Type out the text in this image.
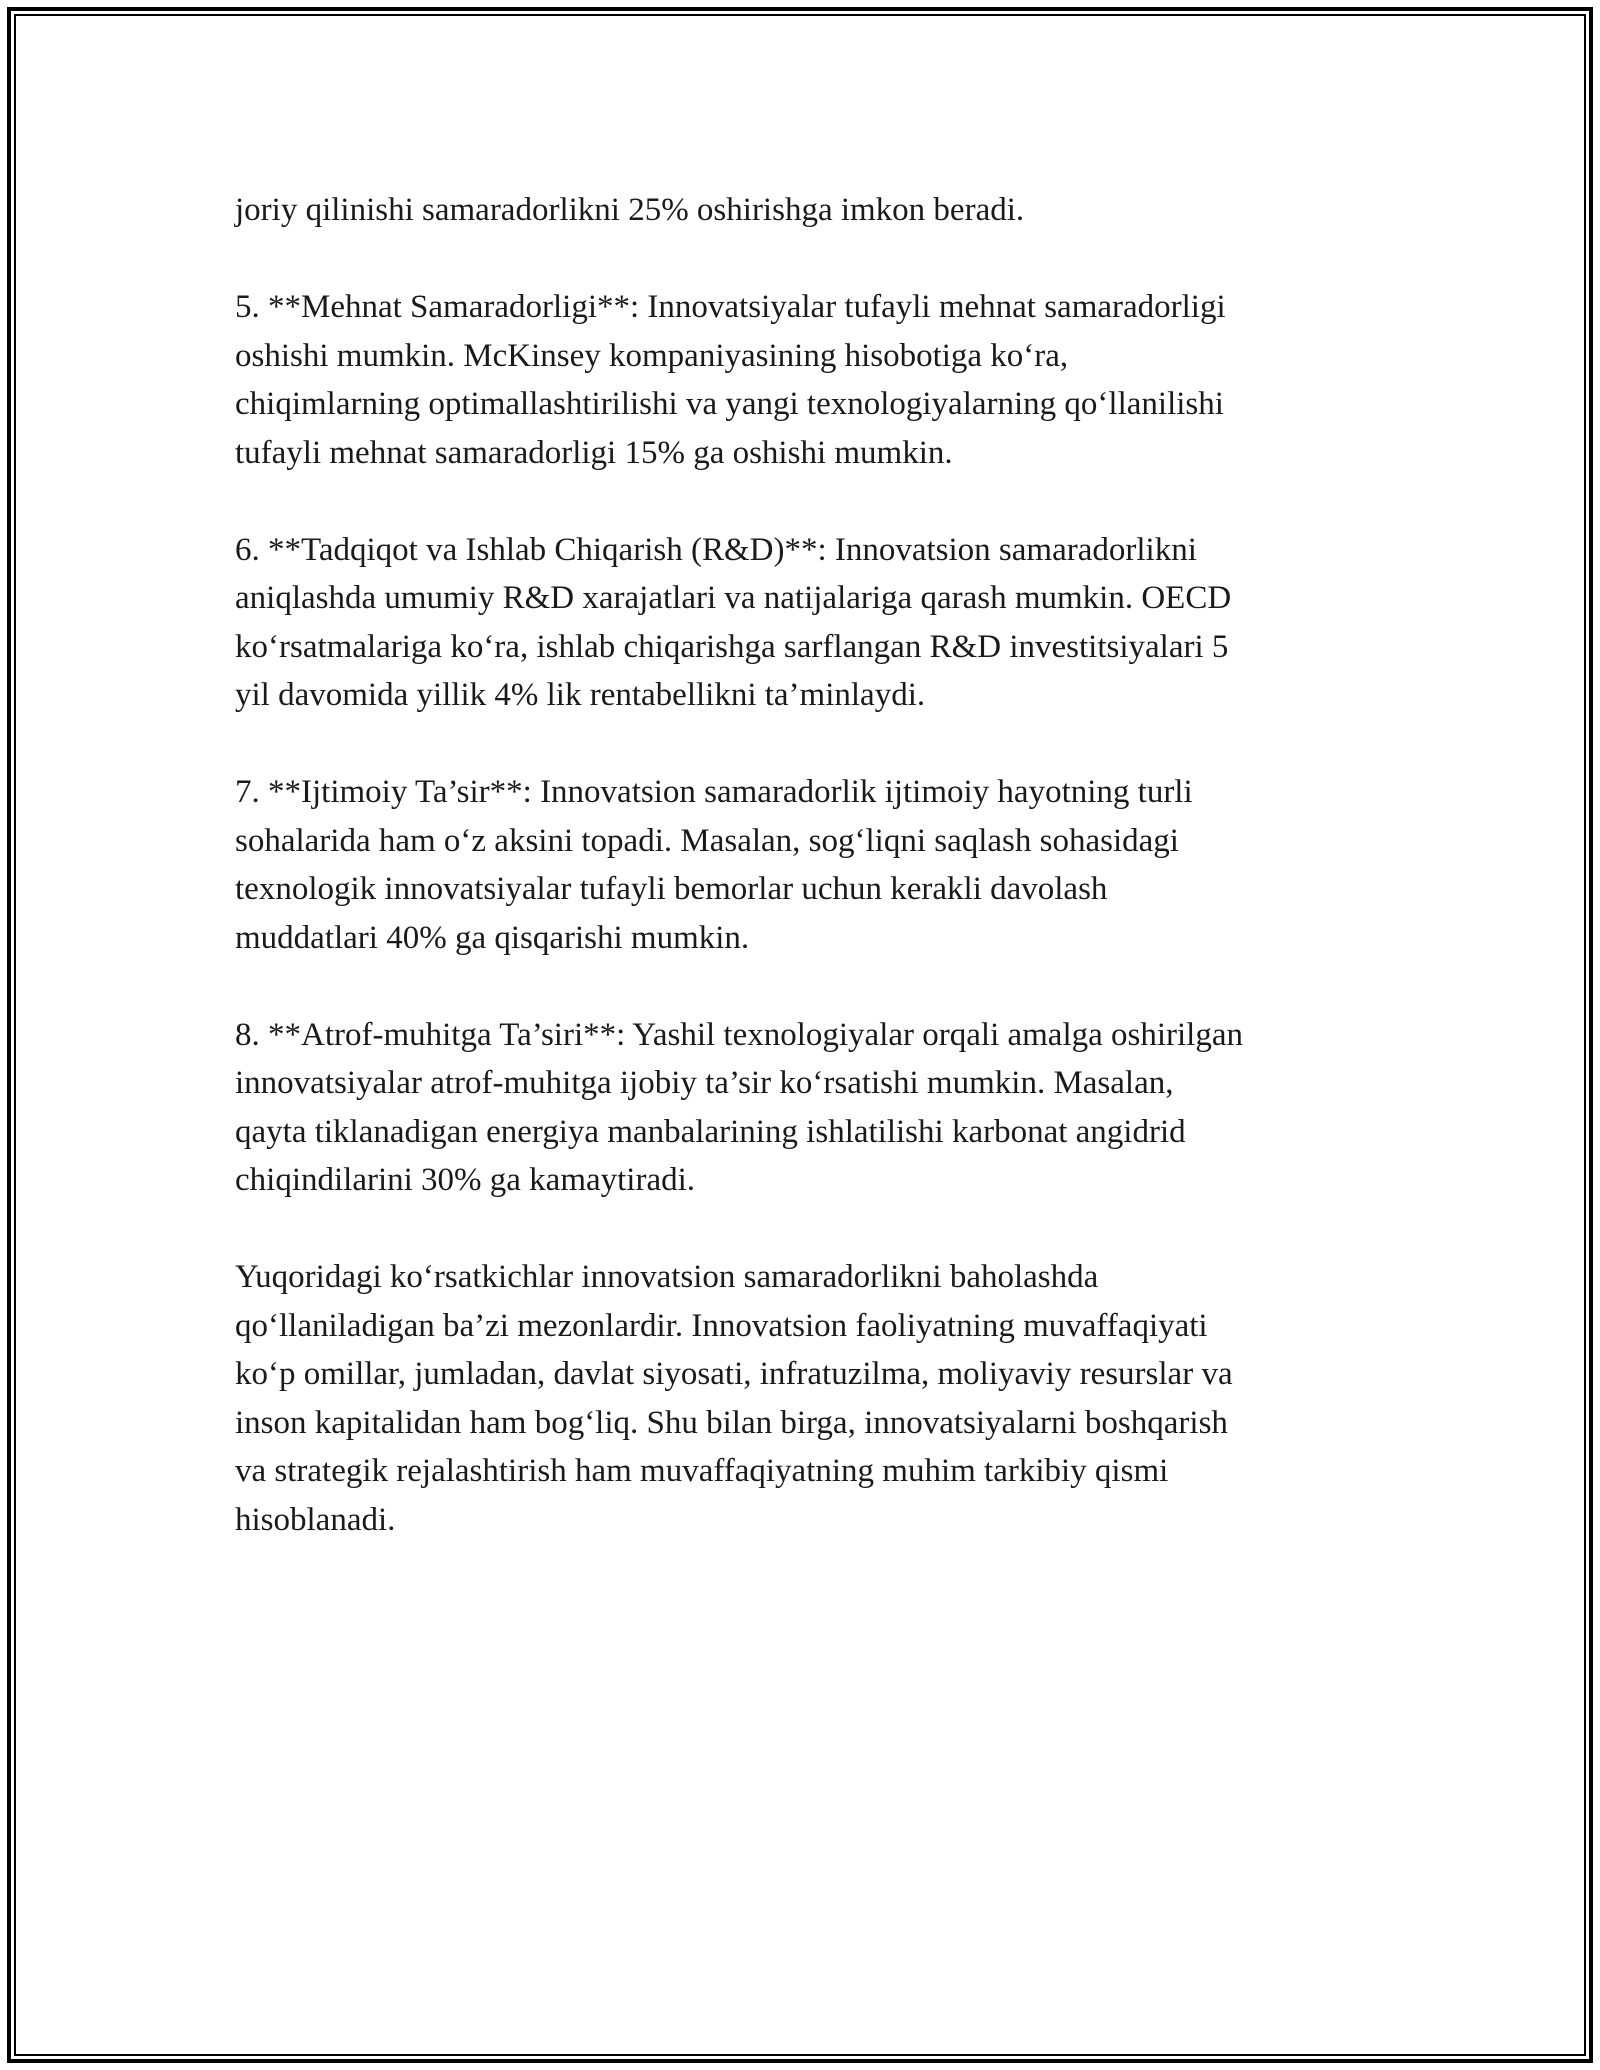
joriy qilinishi samaradorlikni 25% oshirishga imkon beradi.

5. **Mehnat Samaradorligi**: Innovatsiyalar tufayli mehnat samaradorligi
oshishi mumkin. McKinsey kompaniyasining hisobotiga ko‘ra,
chiqimlarning optimallashtirilishi va yangi texnologiyalarning qo‘llanilishi
tufayli mehnat samaradorligi 15% ga oshishi mumkin.

6. **Tadqiqot va Ishlab Chiqarish (R&D)**: Innovatsion samaradorlikni
aniqlashda umumiy R&D xarajatlari va natijalariga qarash mumkin. OECD
ko‘rsatmalariga ko‘ra, ishlab chiqarishga sarflangan R&D investitsiyalari 5
yil davomida yillik 4% lik rentabellikni ta’minlaydi.

7. **Ijtimoiy Ta’sir**: Innovatsion samaradorlik ijtimoiy hayotning turli
sohalarida ham o‘z aksini topadi. Masalan, sog‘liqni saqlash sohasidagi
texnologik innovatsiyalar tufayli bemorlar uchun kerakli davolash
muddatlari 40% ga qisqarishi mumkin.

8. **Atrof-muhitga Ta’siri**: Yashil texnologiyalar orqali amalga oshirilgan
innovatsiyalar atrof-muhitga ijobiy ta’sir ko‘rsatishi mumkin. Masalan,
qayta tiklanadigan energiya manbalarining ishlatilishi karbonat angidrid
chiqindilarini 30% ga kamaytiradi.

Yuqoridagi ko‘rsatkichlar innovatsion samaradorlikni baholashda
qo‘llaniladigan ba’zi mezonlardir. Innovatsion faoliyatning muvaffaqiyati
ko‘p omillar, jumladan, davlat siyosati, infratuzilma, moliyaviy resurslar va
inson kapitalidan ham bog‘liq. Shu bilan birga, innovatsiyalarni boshqarish
va strategik rejalashtirish ham muvaffaqiyatning muhim tarkibiy qismi
hisoblanadi.
